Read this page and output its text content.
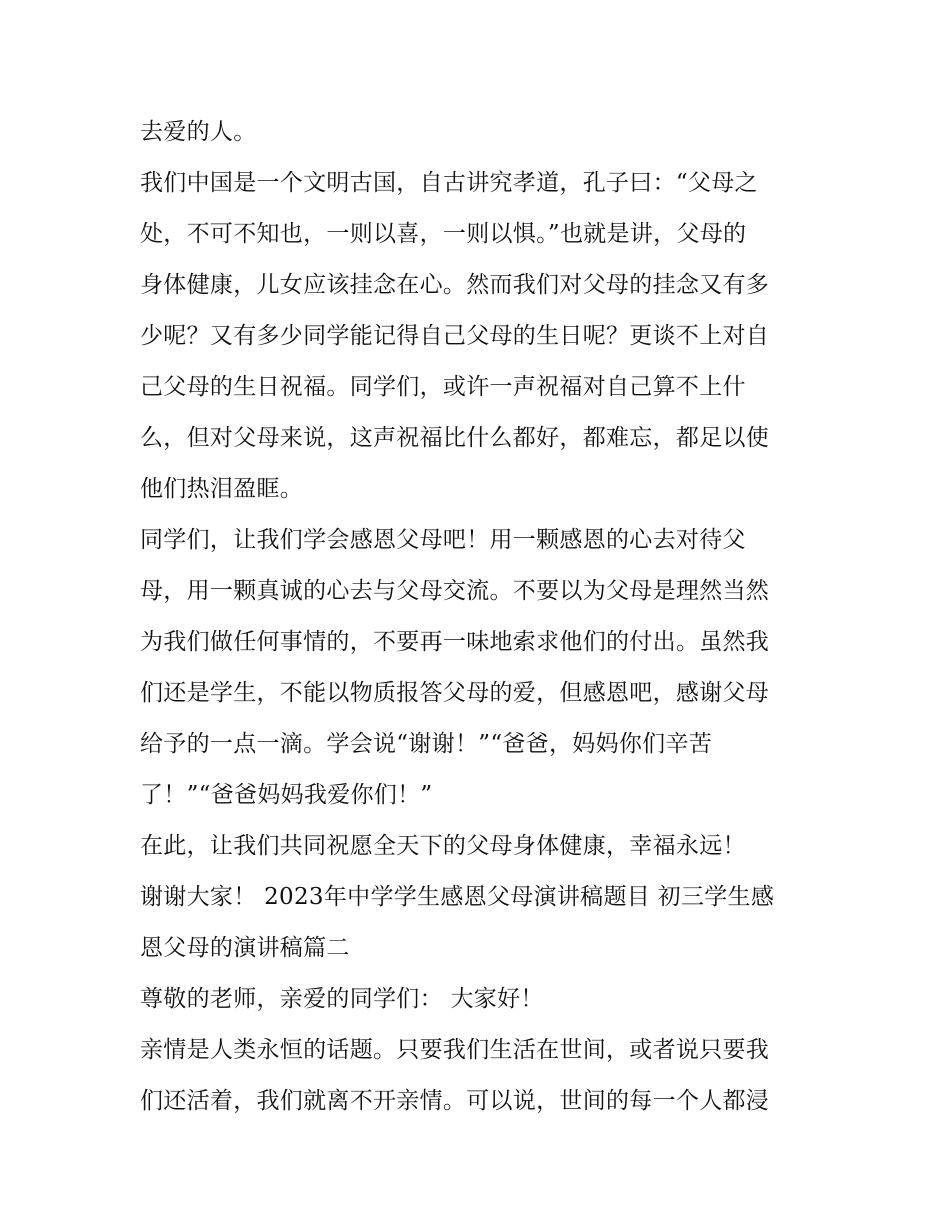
去爱的人。
我们中国是一个文明古国，自古讲究孝道，孔子曰：“父母之
处，不可不知也，一则以喜，一则以惧。”也就是讲，父母的
身体健康，儿女应该挂念在心。然而我们对父母的挂念又有多
少呢？又有多少同学能记得自己父母的生日呢？更谈不上对自
己父母的生日祝福。同学们，或许一声祝福对自己算不上什
么，但对父母来说，这声祝福比什么都好，都难忘，都足以使
他们热泪盈眶。
同学们，让我们学会感恩父母吧！用一颗感恩的心去对待父
母，用一颗真诚的心去与父母交流。不要以为父母是理然当然
为我们做任何事情的，不要再一味地索求他们的付出。虽然我
们还是学生，不能以物质报答父母的爱，但感恩吧，感谢父母
给予的一点一滴。学会说“谢谢！”“爸爸，妈妈你们辛苦
了！”“爸爸妈妈我爱你们！”
在此，让我们共同祝愿全天下的父母身体健康，幸福永远！
谢谢大家！ 2023年中学学生感恩父母演讲稿题目 初三学生感
恩父母的演讲稿篇二
尊敬的老师，亲爱的同学们： 大家好！
亲情是人类永恒的话题。只要我们生活在世间，或者说只要我
们还活着，我们就离不开亲情。可以说，世间的每一个人都浸
